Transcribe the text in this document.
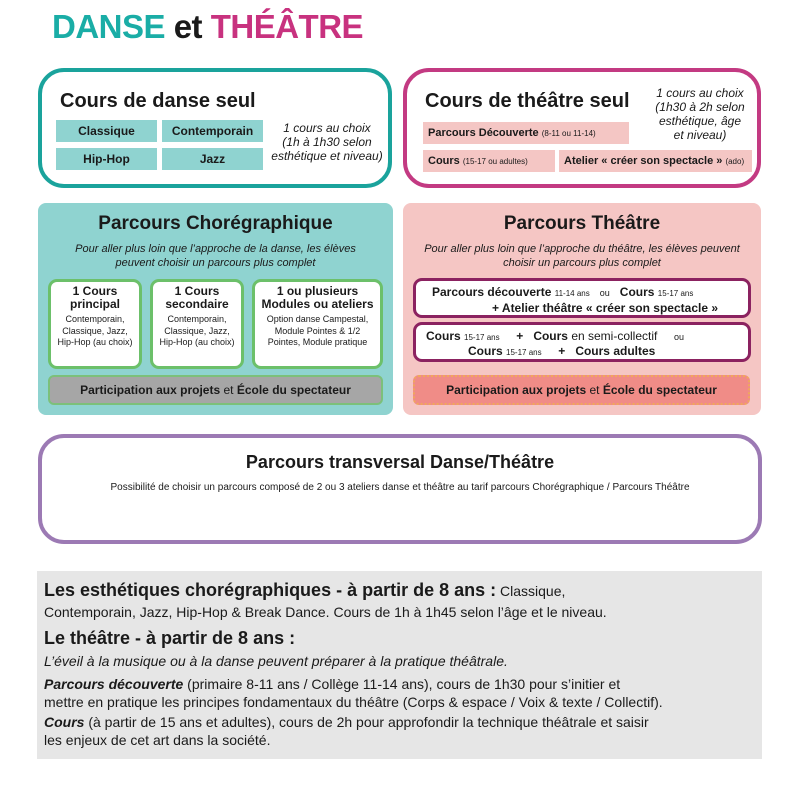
DANSE et THÉÂTRE
Cours de danse seul
Classique	Contemporain
Hip-Hop	Jazz
1 cours au choix
(1h à 1h30 selon
esthétique et niveau)
Cours de théâtre seul	1 cours au choix
(1h30 à 2h selon
esthétique, âge
et niveau)
Parcours Découverte (8-11 ou 11-14)
Cours (15-17 ou adultes)	Atelier « créer son spectacle » (ado)
Parcours Chorégraphique
Pour aller plus loin que l’approche de la danse, les élèves
peuvent choisir un parcours plus complet
1 Cours
principal
Contemporain,
Classique, Jazz,
Hip-Hop (au choix)
1 Cours
secondaire
Contemporain,
Classique, Jazz,
Hip-Hop (au choix)
1 ou plusieurs
Modules ou ateliers
Option danse Campestal,
Module Pointes & 1/2
Pointes, Module pratique
Participation aux projets et École du spectateur
Parcours Théâtre
Pour aller plus loin que l’approche du théâtre, les élèves peuvent
choisir un parcours plus complet
Parcours découverte 11-14 ans ou Cours 15-17 ans
+ Atelier théâtre « créer son spectacle »
Cours 15-17 ans + Cours en semi-collectif ou
Cours 15-17 ans + Cours adultes
Participation aux projets et École du spectateur
Parcours transversal Danse/Théâtre
Possibilité de choisir un parcours composé de 2 ou 3 ateliers danse et théâtre au tarif parcours Chorégraphique / Parcours Théâtre

Les esthétiques chorégraphiques - à partir de 8 ans : Classique,

Contemporain, Jazz, Hip-Hop & Break Dance. Cours de 1h à 1h45 selon l’âge et le niveau.

Le théâtre - à partir de 8 ans :

L’éveil à la musique ou à la danse peuvent préparer à la pratique théâtrale.

Parcours découverte (primaire 8-11 ans / Collège 11-14 ans), cours de 1h30 pour s’initier et

mettre en pratique les principes fondamentaux du théâtre (Corps & espace / Voix & texte / Collectif).

Cours (à partir de 15 ans et adultes), cours de 2h pour approfondir la technique théâtrale et saisir

les enjeux de cet art dans la société.
